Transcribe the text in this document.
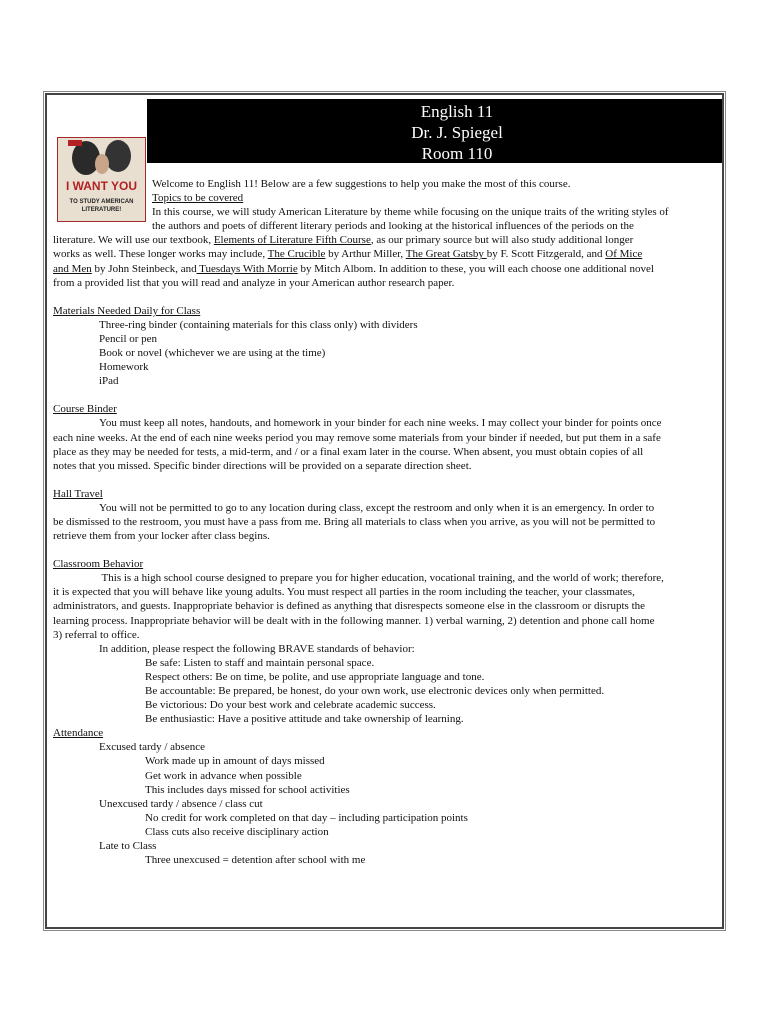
English 11
Dr. J. Spiegel
Room 110
I WANT YOU
TO STUDY AMERICAN
LITERATURE!
Welcome to English 11! Below are a few suggestions to help you make the most of this course.
Topics to be covered
In this course, we will study American Literature by theme while focusing on the unique traits of the writing styles of
the authors and poets of different literary periods and looking at the historical influences of the periods on the
literature. We will use our textbook, Elements of Literature Fifth Course, as our primary source but will also study additional longer
works as well. These longer works may include, The Crucible by Arthur Miller, The Great Gatsby by F. Scott Fitzgerald, and Of Mice
and Men by John Steinbeck, and Tuesdays With Morrie by Mitch Albom. In addition to these, you will each choose one additional novel
from a provided list that you will read and analyze in your American author research paper.
Materials Needed Daily for Class
Three-ring binder (containing materials for this class only) with dividers
Pencil or pen
Book or novel (whichever we are using at the time)
Homework
iPad
Course Binder
You must keep all notes, handouts, and homework in your binder for each nine weeks. I may collect your binder for points once
each nine weeks. At the end of each nine weeks period you may remove some materials from your binder if needed, but put them in a safe
place as they may be needed for tests, a mid-term, and / or a final exam later in the course. When absent, you must obtain copies of all
notes that you missed. Specific binder directions will be provided on a separate direction sheet.
Hall Travel
You will not be permitted to go to any location during class, except the restroom and only when it is an emergency. In order to
be dismissed to the restroom, you must have a pass from me. Bring all materials to class when you arrive, as you will not be permitted to
retrieve them from your locker after class begins.
Classroom Behavior
This is a high school course designed to prepare you for higher education, vocational training, and the world of work; therefore,
it is expected that you will behave like young adults. You must respect all parties in the room including the teacher, your classmates,
administrators, and guests. Inappropriate behavior is defined as anything that disrespects someone else in the classroom or disrupts the
learning process. Inappropriate behavior will be dealt with in the following manner. 1) verbal warning, 2) detention and phone call home
3) referral to office.
In addition, please respect the following BRAVE standards of behavior:
Be safe: Listen to staff and maintain personal space.
Respect others: Be on time, be polite, and use appropriate language and tone.
Be accountable: Be prepared, be honest, do your own work, use electronic devices only when permitted.
Be victorious: Do your best work and celebrate academic success.
Be enthusiastic: Have a positive attitude and take ownership of learning.
Attendance
Excused tardy / absence
Work made up in amount of days missed
Get work in advance when possible
This includes days missed for school activities
Unexcused tardy / absence / class cut
No credit for work completed on that day – including participation points
Class cuts also receive disciplinary action
Late to Class
Three unexcused = detention after school with me
